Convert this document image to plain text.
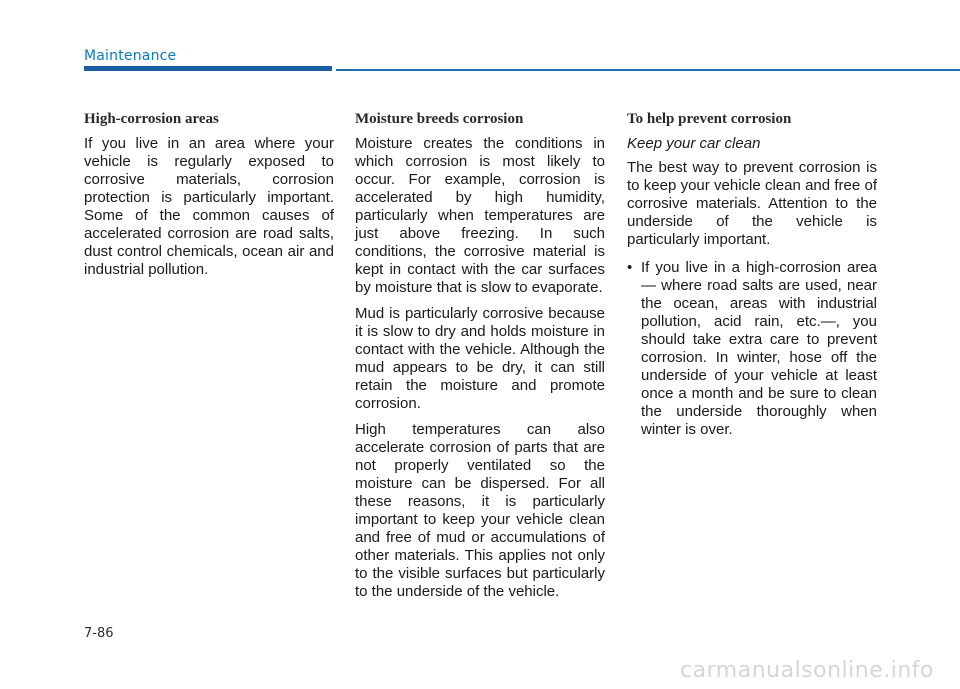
Maintenance
High-corrosion areas

If you live in an area where your vehicle is regularly exposed to corrosive materials, corrosion protection is particularly important. Some of the common causes of accelerated corrosion are road salts, dust control chemicals, ocean air and industrial pollution.

Moisture breeds corrosion

Moisture creates the conditions in which corrosion is most likely to occur. For example, corrosion is accelerated by high humidity, particularly when temperatures are just above freezing. In such conditions, the corrosive material is kept in contact with the car surfaces by moisture that is slow to evaporate.

Mud is particularly corrosive because it is slow to dry and holds moisture in contact with the vehicle. Although the mud appears to be dry, it can still retain the moisture and promote corrosion.

High temperatures can also accelerate corrosion of parts that are not properly ventilated so the moisture can be dispersed. For all these reasons, it is particularly important to keep your vehicle clean and free of mud or accumulations of other materials. This applies not only to the visible surfaces but particularly to the underside of the vehicle.

To help prevent corrosion
Keep your car clean

The best way to prevent corrosion is to keep your vehicle clean and free of corrosive materials. Attention to the underside of the vehicle is particularly important.

• If you live in a high-corrosion area — where road salts are used, near the ocean, areas with industrial pollution, acid rain, etc.—, you should take extra care to prevent corrosion. In winter, hose off the underside of your vehicle at least once a month and be sure to clean the underside thoroughly when winter is over.
7-86
carmanualsonline.info
